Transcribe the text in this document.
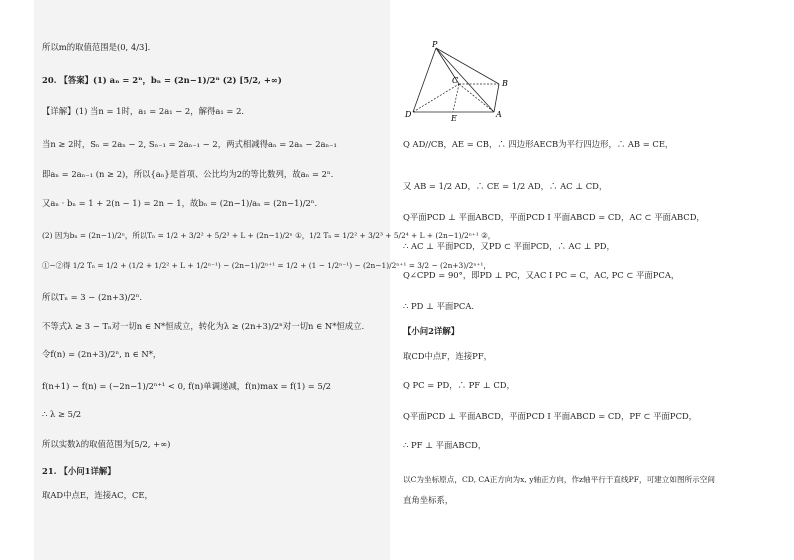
所以m的取值范围是(0, 4/3].
20. 【答案】(1) aₙ = 2ⁿ，bₙ = (2n−1)/2ⁿ (2) [5/2, +∞)
【详解】(1) 当n = 1时，a₁ = 2a₁ − 2，解得a₁ = 2.
当n ≥ 2时，Sₙ = 2aₙ − 2, Sₙ₋₁ = 2aₙ₋₁ − 2，两式相减得aₙ = 2aₙ − 2aₙ₋₁
即aₙ = 2aₙ₋₁ (n ≥ 2)，所以{aₙ}是首项、公比均为2的等比数列，故aₙ = 2ⁿ.
又aₙ · bₙ = 1 + 2(n − 1) = 2n − 1，故bₙ = (2n−1)/aₙ = (2n−1)/2ⁿ.
(2) 因为bₙ = (2n−1)/2ⁿ，所以Tₙ = 1/2 + 3/2² + 5/2³ + L + (2n−1)/2ⁿ ①，1/2 Tₙ = 1/2² + 3/2³ + 5/2⁴ + L + (2n−1)/2ⁿ⁺¹ ②，
①−②得 1/2 Tₙ = 1/2 + (1/2 + 1/2² + L + 1/2ⁿ⁻¹) − (2n−1)/2ⁿ⁺¹ = 1/2 + (1 − 1/2ⁿ⁻¹) − (2n−1)/2ⁿ⁺¹ = 3/2 − (2n+3)/2ⁿ⁺¹，
所以Tₙ = 3 − (2n+3)/2ⁿ.
不等式λ ≥ 3 − Tₙ对一切n ∈ N*恒成立，转化为λ ≥ (2n+3)/2ⁿ对一切n ∈ N*恒成立.
令f(n) = (2n+3)/2ⁿ, n ∈ N*，
f(n+1) − f(n) = (−2n−1)/2ⁿ⁺¹ < 0, f(n)单调递减，f(n)max = f(1) = 5/2
∴ λ ≥ 5/2
所以实数λ的取值范围为[5/2, +∞)
21. 【小问1详解】
取AD中点E，连接AC，CE，
P
C	B
D	E	A
Q AD//CB，AE = CB，∴ 四边形AECB为平行四边形，∴ AB = CE，
又 AB = 1/2 AD，∴ CE = 1/2 AD，∴ AC ⊥ CD，
Q平面PCD ⊥ 平面ABCD，平面PCD I 平面ABCD = CD，AC ⊂ 平面ABCD，
∴ AC ⊥ 平面PCD，又PD ⊂ 平面PCD，∴ AC ⊥ PD，
Q∠CPD = 90°，即PD ⊥ PC，又AC I PC = C，AC, PC ⊂ 平面PCA，
∴ PD ⊥ 平面PCA.
【小问2详解】
取CD中点F，连接PF，
Q PC = PD，∴ PF ⊥ CD，
Q平面PCD ⊥ 平面ABCD，平面PCD I 平面ABCD = CD，PF ⊂ 平面PCD，
∴ PF ⊥ 平面ABCD，
以C为坐标原点，CD, CA正方向为x, y轴正方向，作z轴平行于直线PF，可建立如图所示空间
直角坐标系，
